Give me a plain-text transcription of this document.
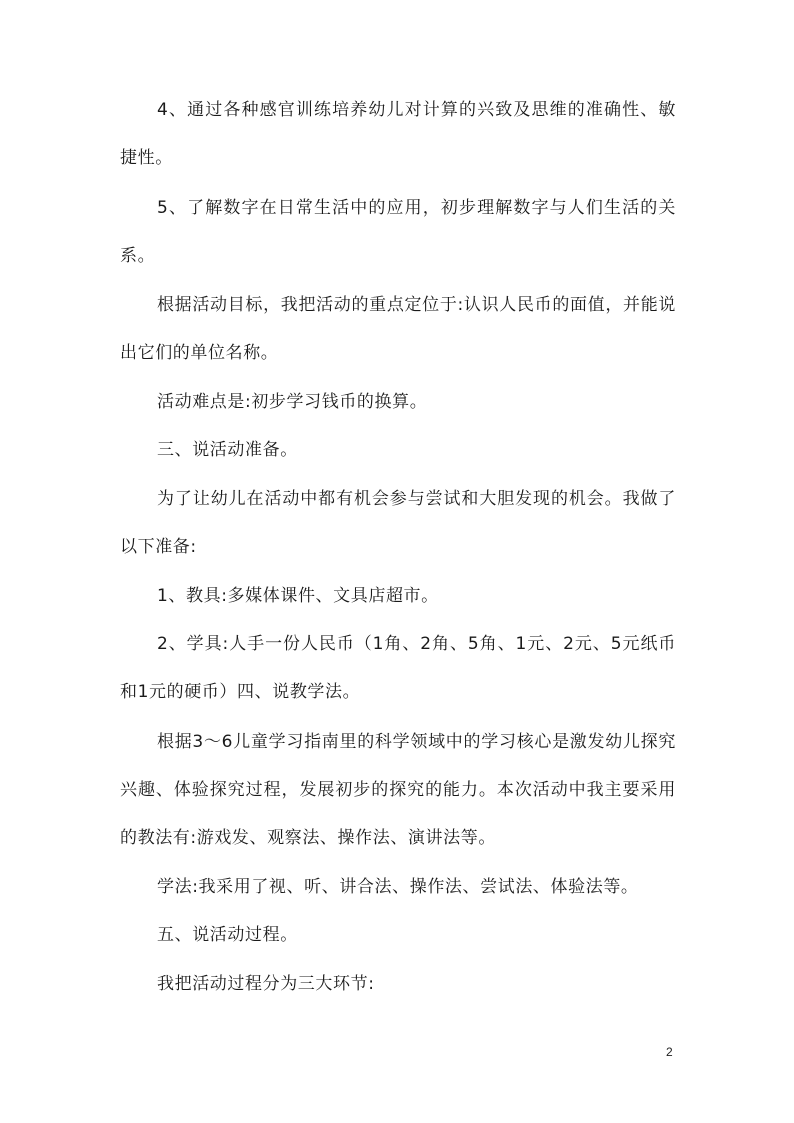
4、通过各种感官训练培养幼儿对计算的兴致及思维的准确性、敏捷性。

5、了解数字在日常生活中的应用，初步理解数字与人们生活的关系。

根据活动目标，我把活动的重点定位于:认识人民币的面值，并能说出它们的单位名称。

活动难点是:初步学习钱币的换算。

三、说活动准备。

为了让幼儿在活动中都有机会参与尝试和大胆发现的机会。我做了以下准备:

1、教具:多媒体课件、文具店超市。

2、学具:人手一份人民币（1角、2角、5角、1元、2元、5元纸币和1元的硬币）四、说教学法。

根据3～6儿童学习指南里的科学领域中的学习核心是激发幼儿探究兴趣、体验探究过程，发展初步的探究的能力。本次活动中我主要采用的教法有:游戏发、观察法、操作法、演讲法等。

学法:我采用了视、听、讲合法、操作法、尝试法、体验法等。

五、说活动过程。

我把活动过程分为三大环节:

2
